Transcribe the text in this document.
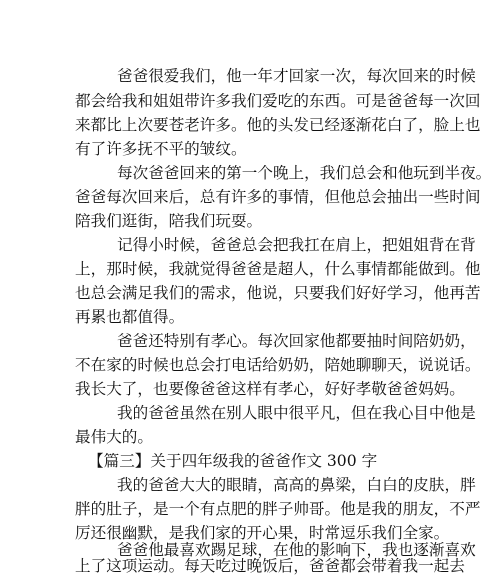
爸爸很爱我们，他一年才回家一次，每次回来的时候
都会给我和姐姐带许多我们爱吃的东西。可是爸爸每一次回
来都比上次要苍老许多。他的头发已经逐渐花白了，脸上也
有了许多抚不平的皱纹。
每次爸爸回来的第一个晚上，我们总会和他玩到半夜。
爸爸每次回来后，总有许多的事情，但他总会抽出一些时间
陪我们逛街，陪我们玩耍。
记得小时候，爸爸总会把我扛在肩上，把姐姐背在背
上，那时候，我就觉得爸爸是超人，什么事情都能做到。他
也总会满足我们的需求，他说，只要我们好好学习，他再苦
再累也都值得。
爸爸还特别有孝心。每次回家他都要抽时间陪奶奶，
不在家的时候也总会打电话给奶奶，陪她聊聊天，说说话。
我长大了，也要像爸爸这样有孝心，好好孝敬爸爸妈妈。
我的爸爸虽然在别人眼中很平凡，但在我心目中他是
最伟大的。
【篇三】关于四年级我的爸爸作文 300 字
我的爸爸大大的眼睛，高高的鼻梁，白白的皮肤，胖
胖的肚子，是一个有点肥的胖子帅哥。他是我的朋友，不严
厉还很幽默，是我们家的开心果，时常逗乐我们全家。
爸爸他最喜欢踢足球，在他的影响下，我也逐渐喜欢
上了这项运动。每天吃过晚饭后，爸爸都会带着我一起去
